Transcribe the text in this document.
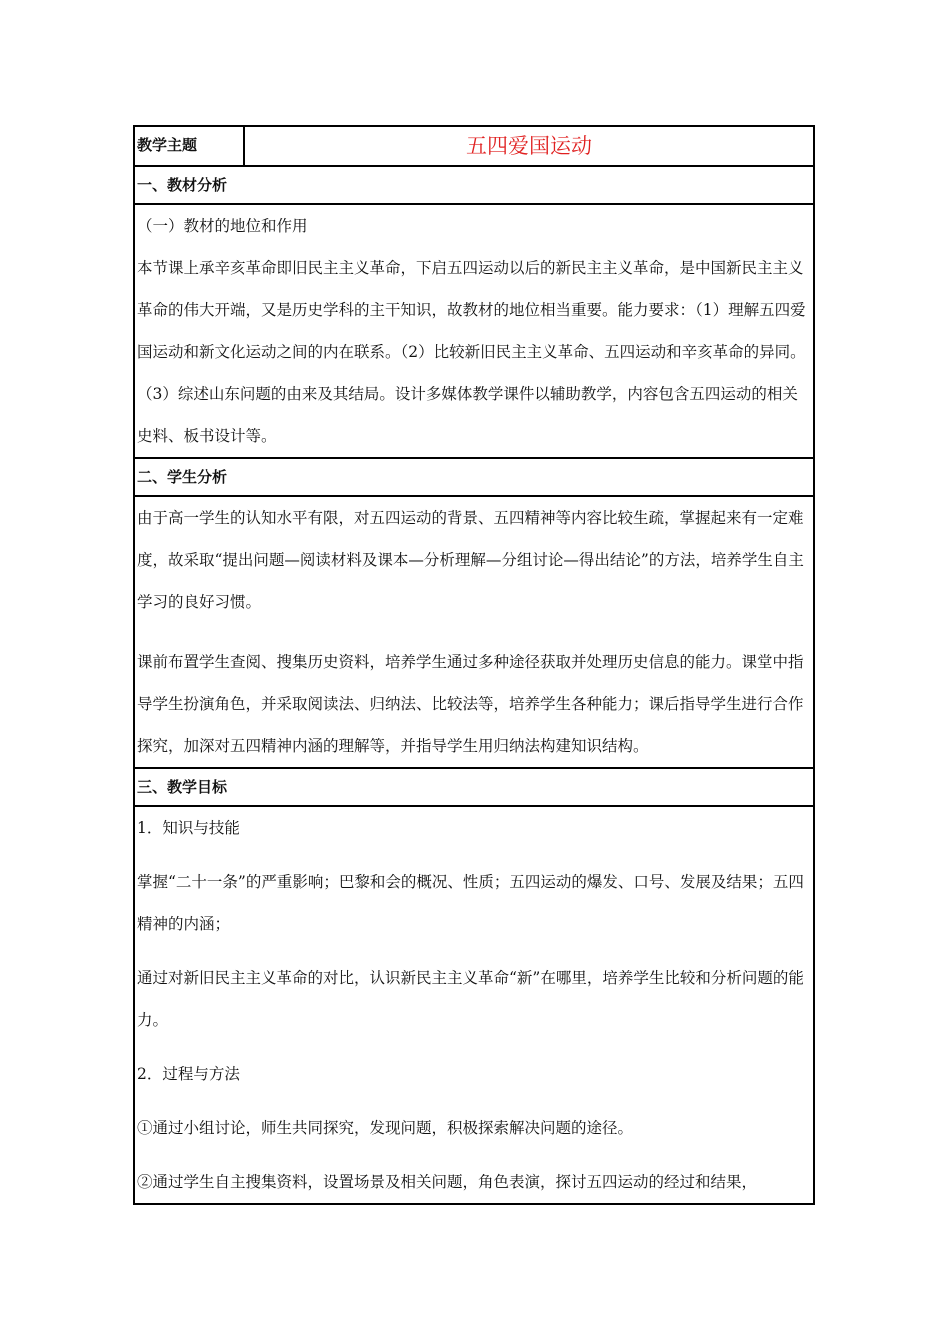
教学主题	五四爱国运动
一、教材分析

（一）教材的地位和作用

本节课上承辛亥革命即旧民主主义革命，下启五四运动以后的新民主主义革命，是中国新民主主义革命的伟大开端，又是历史学科的主干知识，故教材的地位相当重要。能力要求：（1）理解五四爱国运动和新文化运动之间的内在联系。（2）比较新旧民主主义革命、五四运动和辛亥革命的异同。（3）综述山东问题的由来及其结局。设计多媒体教学课件以辅助教学，内容包含五四运动的相关史料、板书设计等。

二、学生分析

由于高一学生的认知水平有限，对五四运动的背景、五四精神等内容比较生疏，掌握起来有一定难度，故采取“提出问题—阅读材料及课本—分析理解—分组讨论—得出结论”的方法，培养学生自主学习的良好习惯。

课前布置学生查阅、搜集历史资料，培养学生通过多种途径获取并处理历史信息的能力。课堂中指导学生扮演角色，并采取阅读法、归纳法、比较法等，培养学生各种能力；课后指导学生进行合作探究，加深对五四精神内涵的理解等，并指导学生用归纳法构建知识结构。

三、教学目标

1．知识与技能

掌握“二十一条”的严重影响；巴黎和会的概况、性质；五四运动的爆发、口号、发展及结果；五四精神的内涵；

通过对新旧民主主义革命的对比，认识新民主主义革命“新”在哪里，培养学生比较和分析问题的能力。

2．过程与方法

①通过小组讨论，师生共同探究，发现问题，积极探索解决问题的途径。

②通过学生自主搜集资料，设置场景及相关问题，角色表演，探讨五四运动的经过和结果，
